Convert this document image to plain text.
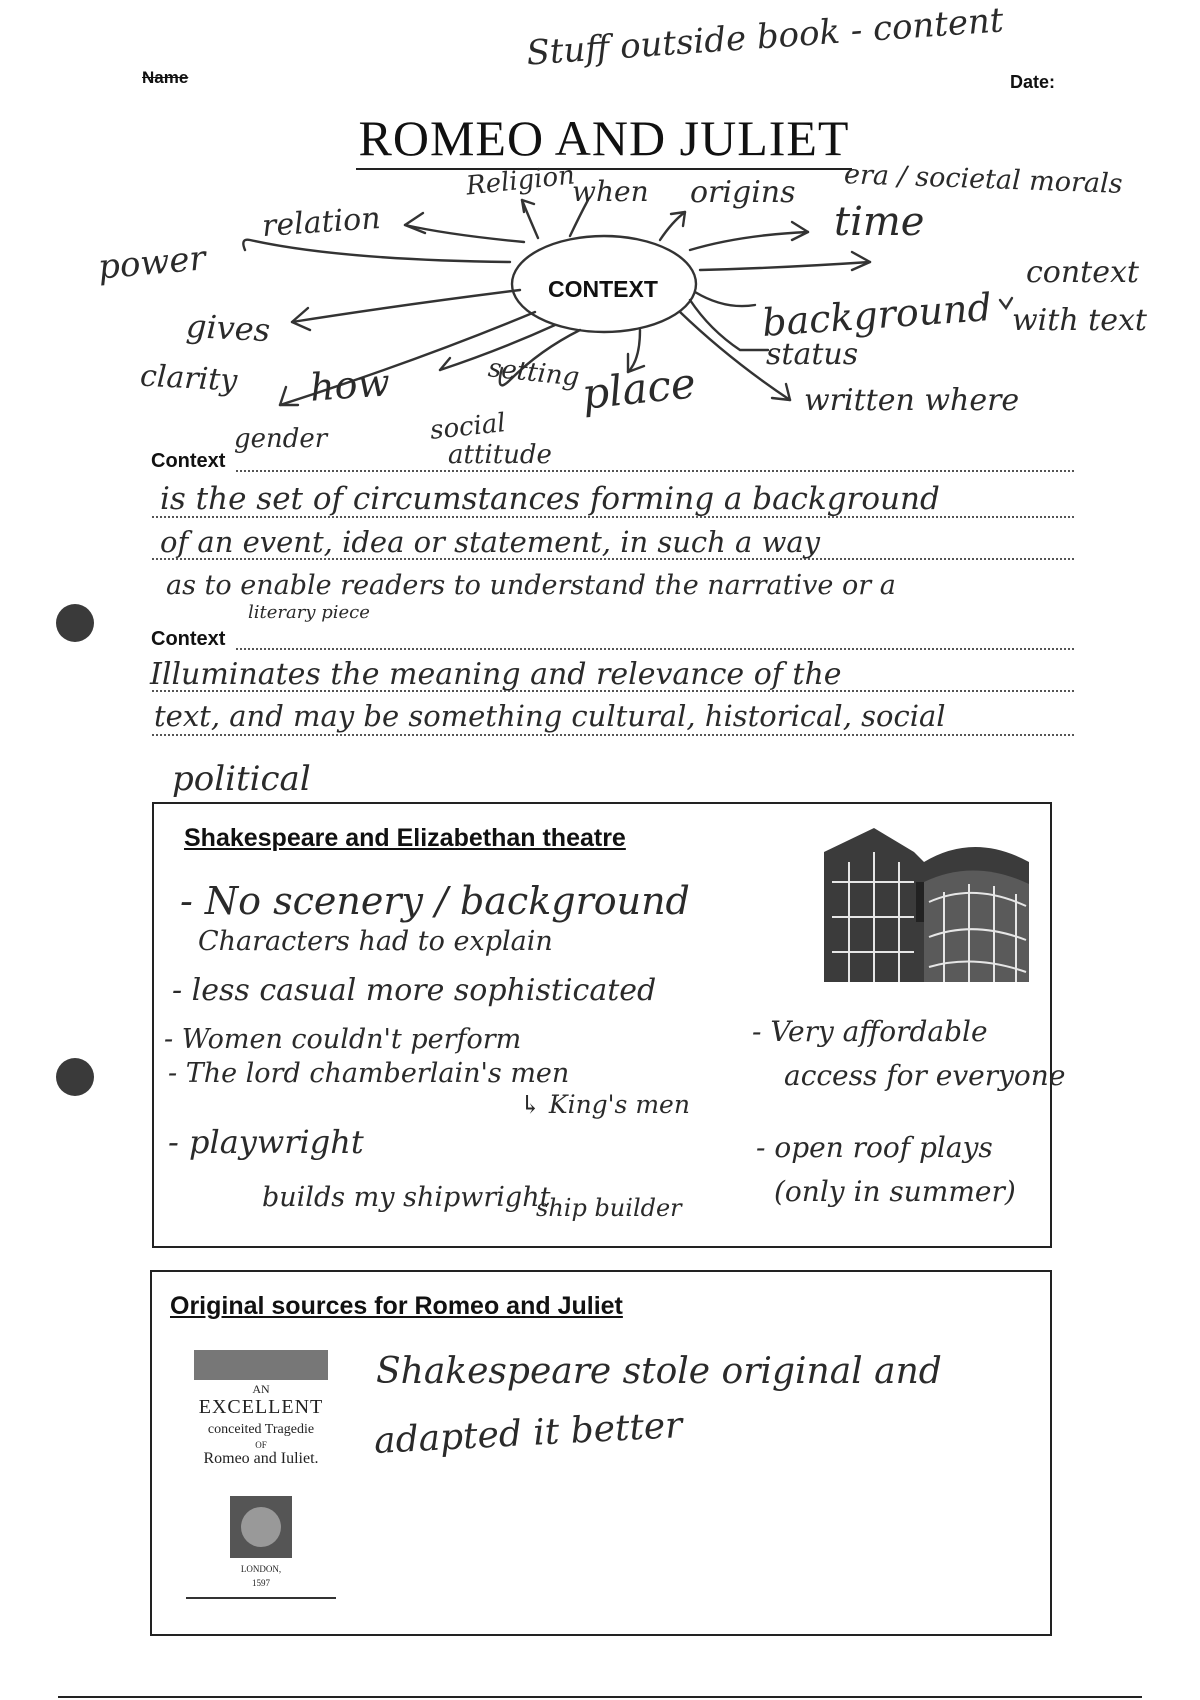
Name	Date:
Stuff outside book - content
ROMEO AND JULIET
CONTEXT
Religion
when origins era / societal morals
time
relation
power	context
with text
gives
clarity
background
status
how	setting place	written where
gender	social
attitude
Context
is the set of circumstances forming a background
of an event, idea or statement, in such a way
as to enable readers to understand the narrative or a
literary piece
Context
Illuminates the meaning and relevance of the
text, and may be something cultural, historical, social
political
Shakespeare and Elizabethan theatre
- No scenery / background
Characters had to explain
- less casual more sophisticated
- Women couldn't perform
- The lord chamberlain's men
↳ King's men
- playwright
builds my shipwright
ship builder
- Very affordable
access for everyone
- open roof plays
(only in summer)
Original sources for Romeo and Juliet
AN
EXCELLENT
conceited Tragedie
OF
Romeo and Iuliet.
LONDON,
1597
Shakespeare stole original and
adapted it better
